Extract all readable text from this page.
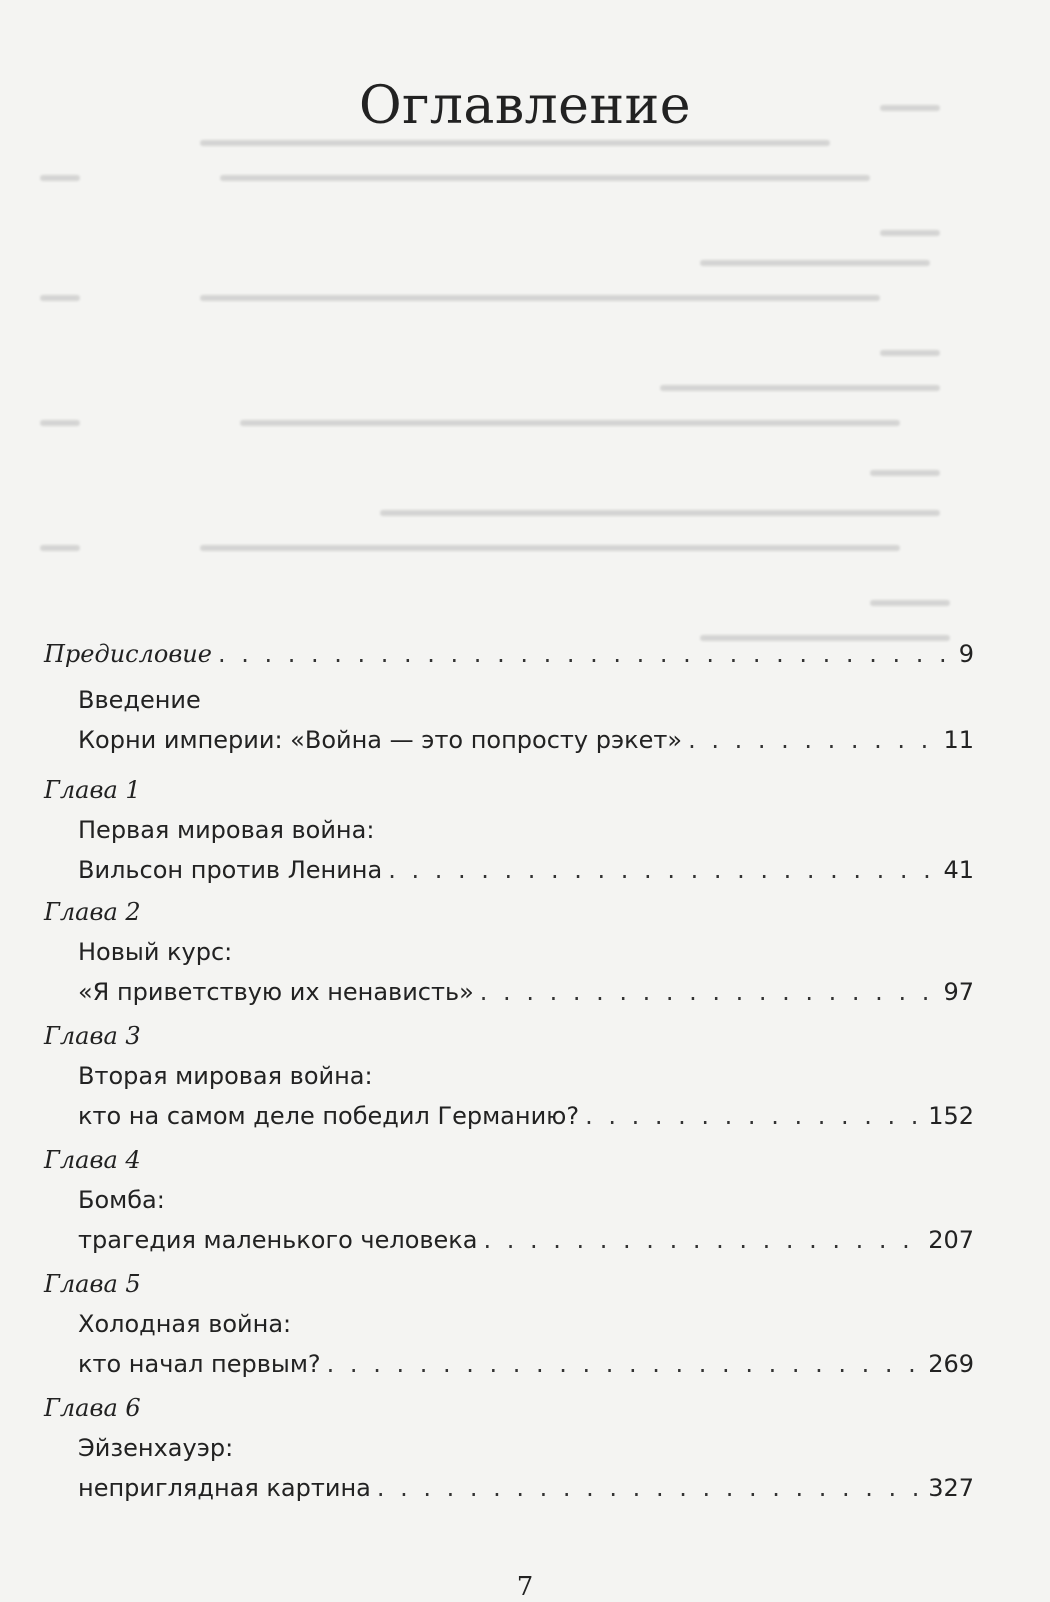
Оглавление
Предисловие . . .	9
Введение
Корни империи: «Война — это попросту рэкет» . . .	11
Глава 1
Первая мировая война:
Вильсон против Ленина . . .	41
Глава 2
Новый курс:
«Я приветствую их ненависть» . . .	97
Глава 3
Вторая мировая война:
кто на самом деле победил Германию? . . .	152
Глава 4
Бомба:
трагедия маленького человека . . .	207
Глава 5
Холодная война:
кто начал первым? . . .	269
Глава 6
Эйзенхауэр:
неприглядная картина . . .	327
7
